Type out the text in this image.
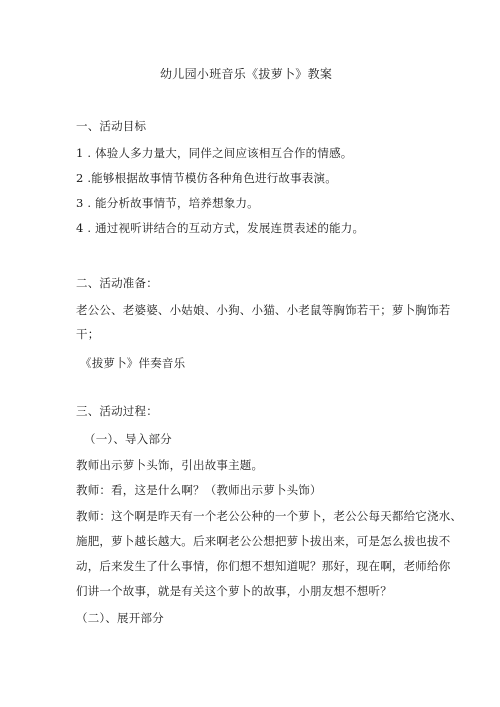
幼儿园小班音乐《拔萝卜》教案
一、活动目标
1 . 体验人多力量大，同伴之间应该相互合作的情感。
2 .能够根据故事情节模仿各种角色进行故事表演。
3 . 能分析故事情节，培养想象力。
4 . 通过视听讲结合的互动方式，发展连贯表述的能力。
二、活动准备：
老公公、老婆婆、小姑娘、小狗、小猫、小老鼠等胸饰若干；萝卜胸饰若
干；
《拔萝卜》伴奏音乐
三、活动过程：
（一）、导入部分
教师出示萝卜头饰，引出故事主题。
教师：看，这是什么啊？（教师出示萝卜头饰）
教师：这个啊是昨天有一个老公公种的一个萝卜，老公公每天都给它浇水、
施肥，萝卜越长越大。后来啊老公公想把萝卜拔出来，可是怎么拔也拔不
动，后来发生了什么事情，你们想不想知道呢？那好，现在啊，老师给你
们讲一个故事，就是有关这个萝卜的故事，小朋友想不想听？
（二）、展开部分
